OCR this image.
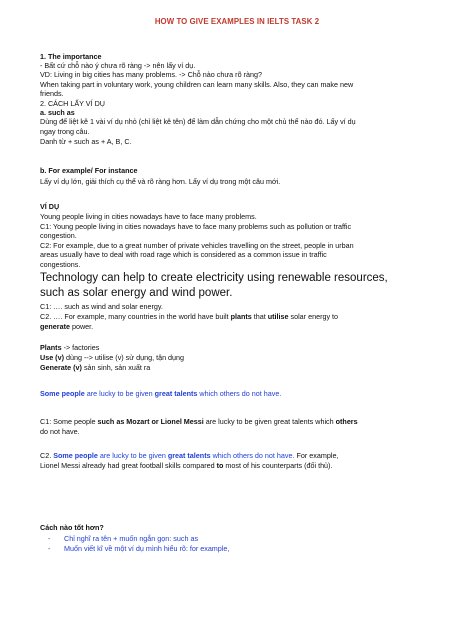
HOW TO GIVE EXAMPLES IN IELTS TASK 2
1. The importance
- Bất cứ chỗ nào ý chưa rõ ràng -> nên lấy ví dụ.
VD: Living in big cities has many problems. -> Chỗ nào chưa rõ ràng?
When taking part in voluntary work, young children can learn many skills. Also, they can make new
friends.
2. CÁCH LẤY VÍ DỤ
a. such as
Dùng để liệt kê 1 vài ví dụ nhỏ (chỉ liệt kê tên) để làm dẫn chứng cho một chủ thể nào đó. Lấy ví dụ
ngay trong câu.
Danh từ + such as + A, B, C.
b. For example/ For instance
Lấy ví dụ lớn, giải thích cụ thể và rõ ràng hơn. Lấy ví dụ trong một câu mới.
VÍ DỤ
Young people living in cities nowadays have to face many problems.
C1: Young people living in cities nowadays have to face many problems such as pollution or traffic
congestion.
C2: For example, due to a great number of private vehicles travelling on the street, people in urban
areas usually have to deal with road rage which is considered as a common issue in traffic
congestions.
Technology can help to create electricity using renewable resources,
such as solar energy and wind power.
C1: …. such as wind and solar energy.
C2. …. For example, many countries in the world have built plants that utilise solar energy to
generate power.
Plants -> factories
Use (v) dùng --> utilise (v) sử dụng, tận dụng
Generate (v) sản sinh, sản xuất ra
Some people are lucky to be given great talents which others do not have.
C1: Some people such as Mozart or Lionel Messi are lucky to be given great talents which others
do not have.
C2. Some people are lucky to be given great talents which others do not have. For example,
Lionel Messi already had great football skills compared to most of his counterparts (đối thủ).
Cách nào tốt hơn?
- Chỉ nghĩ ra tên + muốn ngắn gọn: such as
- Muốn viết kĩ về một ví dụ mình hiểu rõ: for example,
